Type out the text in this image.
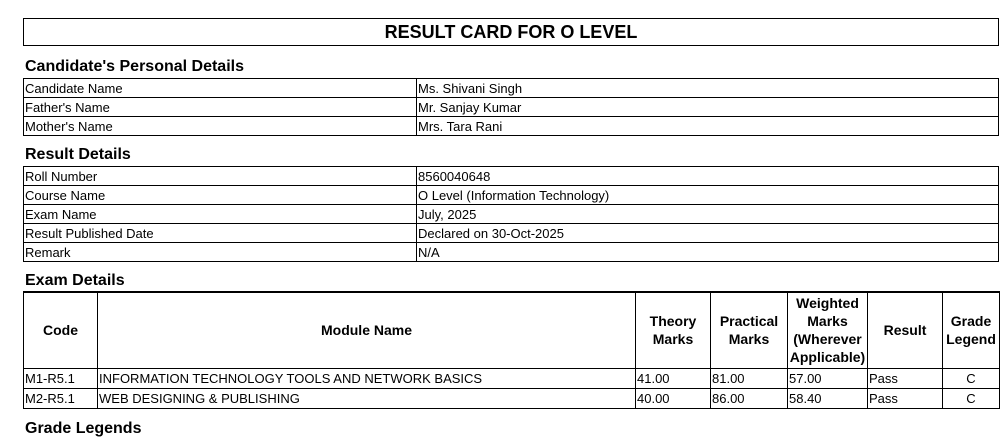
RESULT CARD FOR O LEVEL
Candidate's Personal Details
Candidate Name	Ms. Shivani Singh
Father's Name	Mr. Sanjay Kumar
Mother's Name	Mrs. Tara Rani
Result Details
Roll Number	8560040648
Course Name	O Level (Information Technology)
Exam Name	July, 2025
Result Published Date	Declared on 30-Oct-2025
Remark	N/A
Exam Details
Code	Module Name	Theory Marks	Practical Marks	Weighted Marks (Wherever Applicable)	Result	Grade Legend
M1-R5.1	INFORMATION TECHNOLOGY TOOLS AND NETWORK BASICS	41.00	81.00	57.00	Pass	C
M2-R5.1	WEB DESIGNING & PUBLISHING	40.00	86.00	58.40	Pass	C
Grade Legends
